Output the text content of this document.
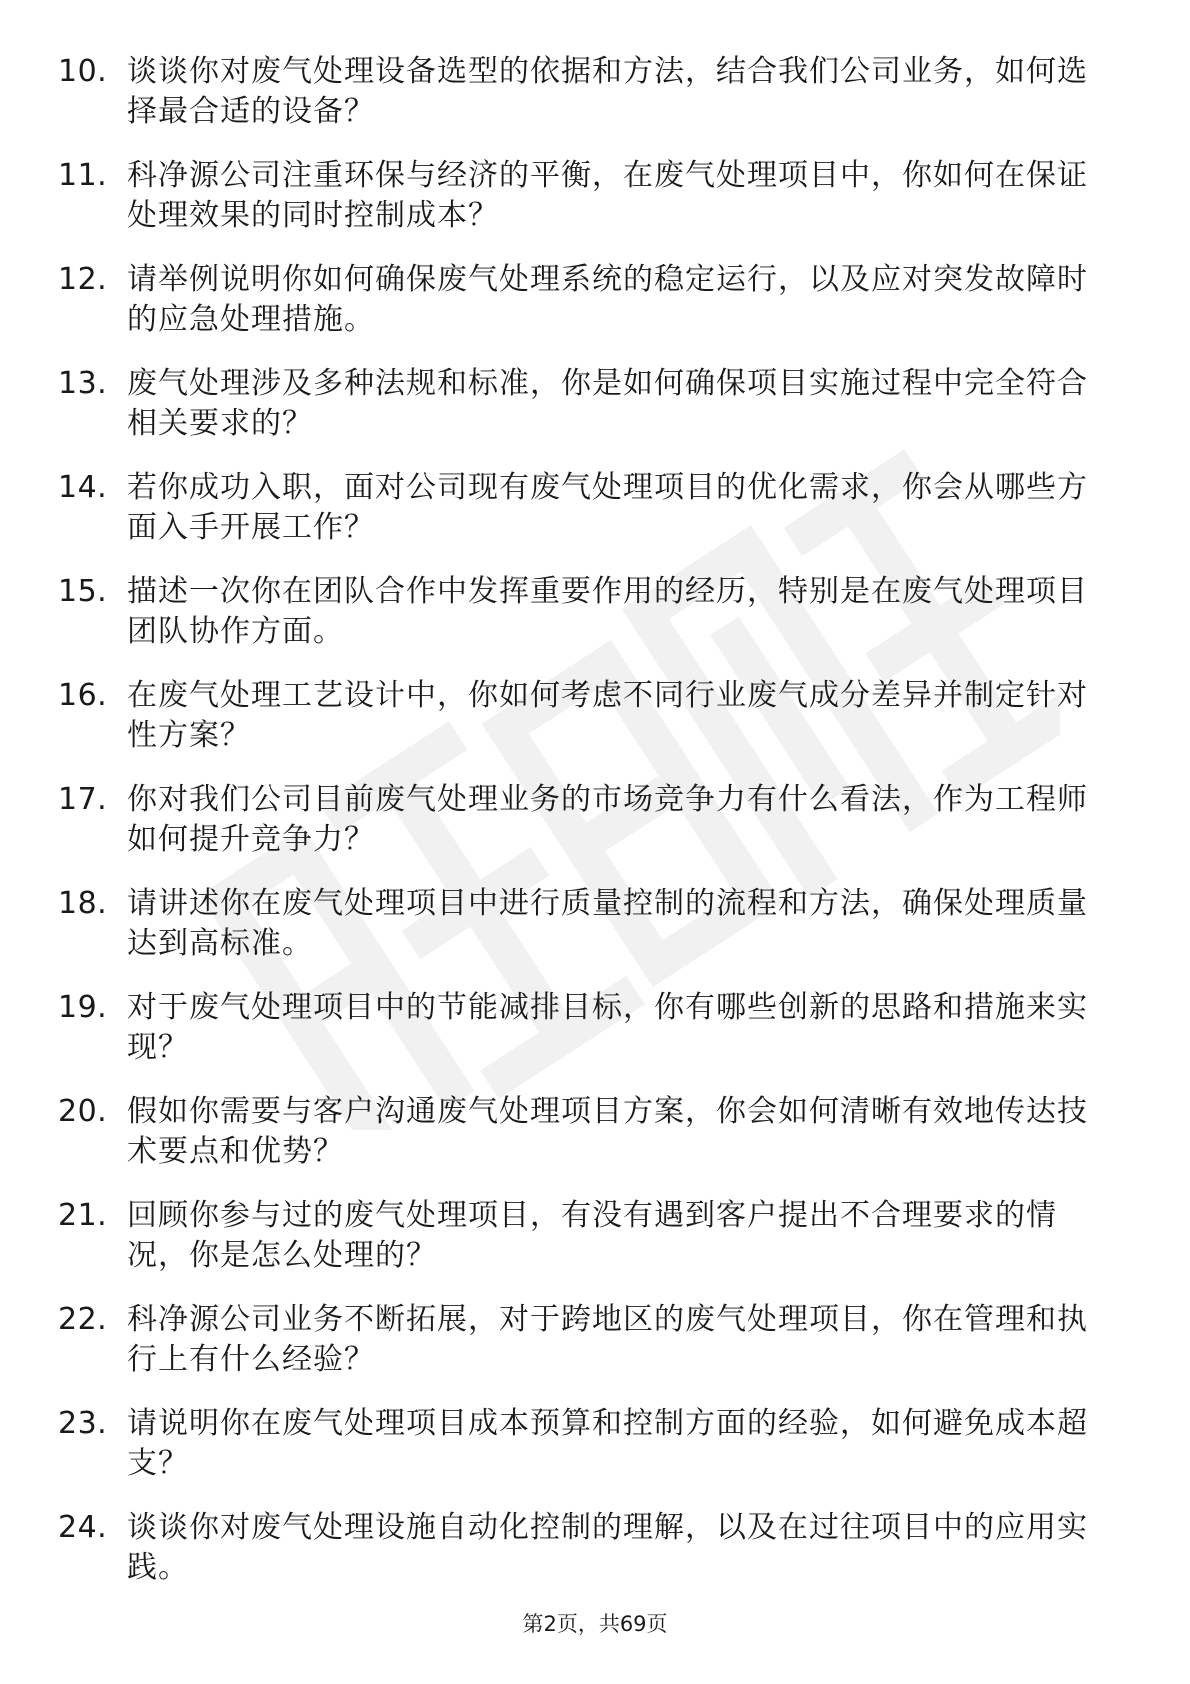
10. 谈谈你对废气处理设备选型的依据和方法，结合我们公司业务，如何选择最合适的设备？
11. 科净源公司注重环保与经济的平衡，在废气处理项目中，你如何在保证处理效果的同时控制成本？
12. 请举例说明你如何确保废气处理系统的稳定运行，以及应对突发故障时的应急处理措施。
13. 废气处理涉及多种法规和标准，你是如何确保项目实施过程中完全符合相关要求的？
14. 若你成功入职，面对公司现有废气处理项目的优化需求，你会从哪些方面入手开展工作？
15. 描述一次你在团队合作中发挥重要作用的经历，特别是在废气处理项目团队协作方面。
16. 在废气处理工艺设计中，你如何考虑不同行业废气成分差异并制定针对性方案？
17. 你对我们公司目前废气处理业务的市场竞争力有什么看法，作为工程师如何提升竞争力？
18. 请讲述你在废气处理项目中进行质量控制的流程和方法，确保处理质量达到高标准。
19. 对于废气处理项目中的节能减排目标，你有哪些创新的思路和措施来实现？
20. 假如你需要与客户沟通废气处理项目方案，你会如何清晰有效地传达技术要点和优势？
21. 回顾你参与过的废气处理项目，有没有遇到客户提出不合理要求的情况，你是怎么处理的？
22. 科净源公司业务不断拓展，对于跨地区的废气处理项目，你在管理和执行上有什么经验？
23. 请说明你在废气处理项目成本预算和控制方面的经验，如何避免成本超支？
24. 谈谈你对废气处理设施自动化控制的理解，以及在过往项目中的应用实践。
第2页，共69页
